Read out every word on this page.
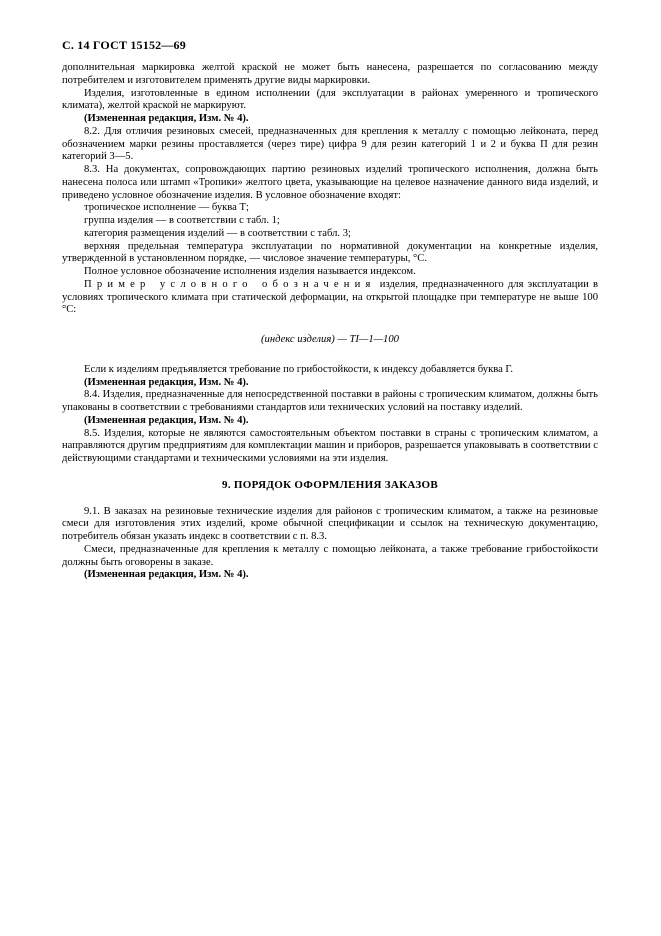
С. 14 ГОСТ 15152—69

дополнительная маркировка желтой краской не может быть нанесена, разрешается по согласованию между потребителем и изготовителем применять другие виды маркировки.

Изделия, изготовленные в едином исполнении (для эксплуатации в районах умеренного и тропического климата), желтой краской не маркируют.

(Измененная редакция, Изм. № 4).

8.2. Для отличия резиновых смесей, предназначенных для крепления к металлу с помощью лейконата, перед обозначением марки резины проставляется (через тире) цифра 9 для резин категорий 1 и 2 и буква П для резин категорий 3—5.

8.3. На документах, сопровождающих партию резиновых изделий тропического исполнения, должна быть нанесена полоса или штамп «Тропики» желтого цвета, указывающие на целевое назначение данного вида изделий, и приведено условное обозначение изделия. В условное обозначение входят:

тропическое исполнение — буква Т;

группа изделия — в соответствии с табл. 1;

категория размещения изделий — в соответствии с табл. 3;

верхняя предельная температура эксплуатации по нормативной документации на конкретные изделия, утвержденной в установленном порядке, — числовое значение температуры, °С.

Полное условное обозначение исполнения изделия называется индексом.

Пример условного обозначения изделия, предназначенного для эксплуатации в условиях тропического климата при статической деформации, на открытой площадке при температуре не выше 100 °С:

(индекс изделия) — ТI—1—100

Если к изделиям предъявляется требование по грибостойкости, к индексу добавляется буква Г.

(Измененная редакция, Изм. № 4).

8.4. Изделия, предназначенные для непосредственной поставки в районы с тропическим климатом, должны быть упакованы в соответствии с требованиями стандартов или технических условий на поставку изделий.

(Измененная редакция, Изм. № 4).

8.5. Изделия, которые не являются самостоятельным объектом поставки в страны с тропическим климатом, а направляются другим предприятиям для комплектации машин и приборов, разрешается упаковывать в соответствии с действующими стандартами и техническими условиями на эти изделия.

9. ПОРЯДОК ОФОРМЛЕНИЯ ЗАКАЗОВ

9.1. В заказах на резиновые технические изделия для районов с тропическим климатом, а также на резиновые смеси для изготовления этих изделий, кроме обычной спецификации и ссылок на техническую документацию, потребитель обязан указать индекс в соответствии с п. 8.3.

Смеси, предназначенные для крепления к металлу с помощью лейконата, а также требование грибостойкости должны быть оговорены в заказе.

(Измененная редакция, Изм. № 4).
